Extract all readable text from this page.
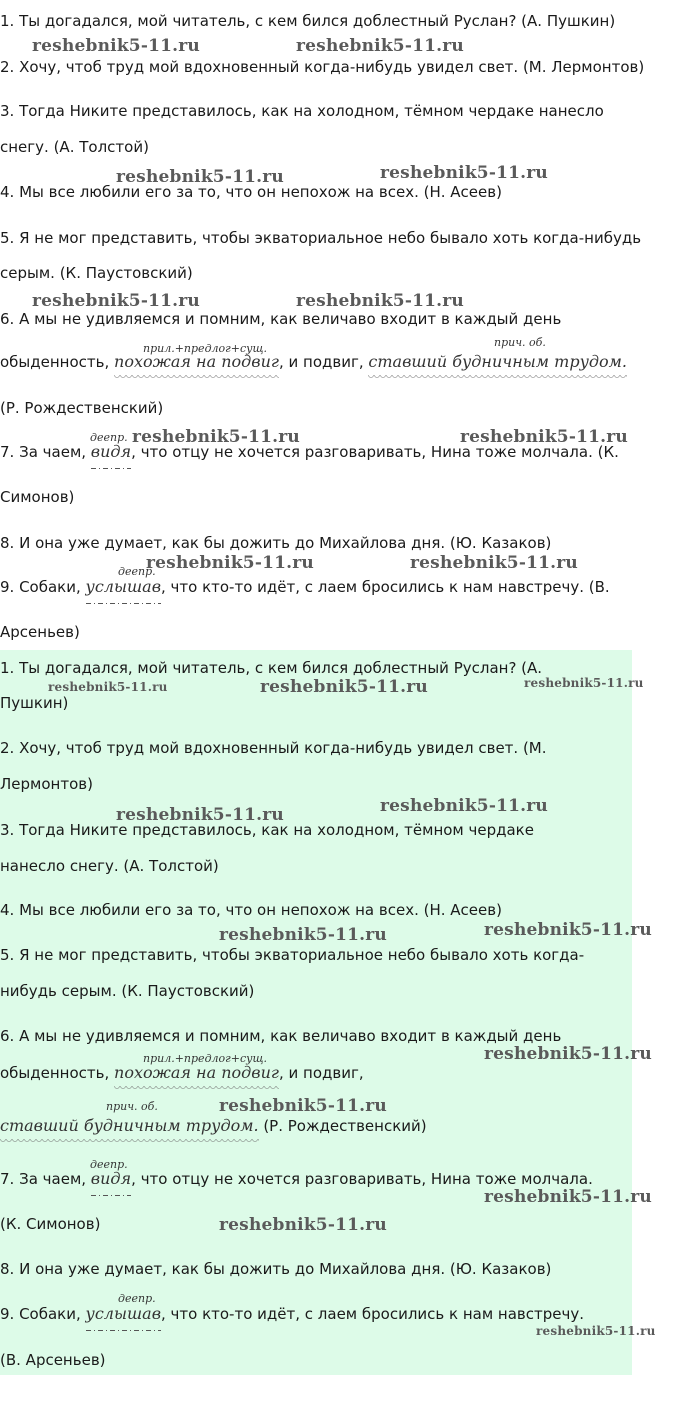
1. Ты догадался, мой читатель, с кем бился доблестный Руслан? (А. Пушкин)
reshebnik5-11.ru	reshebnik5-11.ru
2. Хочу, чтоб труд мой вдохновенный когда-нибудь увидел свет. (М. Лермонтов)
3. Тогда Никите представилось, как на холодном, тёмном чердаке нанесло
снегу. (А. Толстой)
reshebnik5-11.ru	reshebnik5-11.ru
4. Мы все любили его за то, что он непохож на всех. (Н. Асеев)
5. Я не мог представить, чтобы экваториальное небо бывало хоть когда-нибудь
серым. (К. Паустовский)
reshebnik5-11.ru	reshebnik5-11.ru
6. А мы не удивляемся и помним, как величаво входит в каждый день
прил.+предлог+сущ.	прич. об.
обыденность, похожая на подвиг
, и подвиг, ставший будничным трудом.
(Р. Рождественский)
деепр. reshebnik5-11.ru	reshebnik5-11.ru
7. За чаем, видя
, что отцу не хочется разговаривать, Нина тоже молчала. (К.
Симонов)
8. И она уже думает, как бы дожить до Михайлова дня. (Ю. Казаков)
деепр.
reshebnik5-11.ru	reshebnik5-11.ru
9. Собаки, услышав
, что кто-то идёт, с лаем бросились к нам навстречу. (В.
Арсеньев)
1. Ты догадался, мой читатель, с кем бился доблестный Руслан? (А.
reshebnik5-11.ru	reshebnik5-11.ru	reshebnik5-11.ru
Пушкин)
2. Хочу, чтоб труд мой вдохновенный когда-нибудь увидел свет. (М.
Лермонтов)
reshebnik5-11.ru	reshebnik5-11.ru
3. Тогда Никите представилось, как на холодном, тёмном чердаке
нанесло снегу. (А. Толстой)
4. Мы все любили его за то, что он непохож на всех. (Н. Асеев)
reshebnik5-11.ru	reshebnik5-11.ru
5. Я не мог представить, чтобы экваториальное небо бывало хоть когда-
нибудь серым. (К. Паустовский)
6. А мы не удивляемся и помним, как величаво входит в каждый день
прил.+предлог+сущ.	reshebnik5-11.ru
обыденность, похожая на подвиг
, и подвиг,
прич. об.	reshebnik5-11.ru
ставший будничным трудом.
(Р. Рождественский)
деепр.
7. За чаем, видя
, что отцу не хочется разговаривать, Нина тоже молчала.
reshebnik5-11.ru
(К. Симонов)	reshebnik5-11.ru
8. И она уже думает, как бы дожить до Михайлова дня. (Ю. Казаков)
деепр.
9. Собаки, услышав
, что кто-то идёт, с лаем бросились к нам навстречу.
reshebnik5-11.ru
(В. Арсеньев)
